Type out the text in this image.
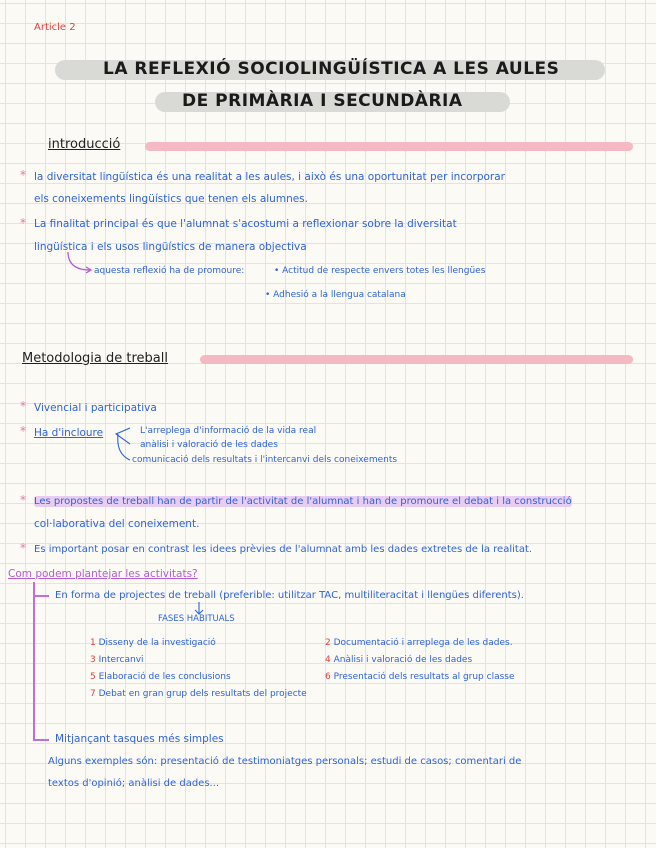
Article 2
LA REFLEXIÓ SOCIOLINGÜÍSTICA A LES AULES
DE PRIMÀRIA I SECUNDÀRIA
introducció
* la diversitat lingüística és una realitat a les aules, i això és una oportunitat per incorporar
els coneixements lingüístics que tenen els alumnes.
* La finalitat principal és que l'alumnat s'acostumi a reflexionar sobre la diversitat
lingüística i els usos lingüístics de manera objectiva
aquesta reflexió ha de promoure:	• Actitud de respecte envers totes les llengües
• Adhesió a la llengua catalana
Metodologia de treball
* Vivencial i participativa
* Ha d'incloure	L'arreplega d'informació de la vida real
anàlisi i valoració de les dades
comunicació dels resultats i l'intercanvi dels coneixements
* Les propostes de treball han de partir de l'activitat de l'alumnat i han de promoure el debat i la construcció
col·laborativa del coneixement.
* Es important posar en contrast les idees prèvies de l'alumnat amb les dades extretes de la realitat.
Com podem plantejar les activitats?
En forma de projectes de treball (preferible: utilitzar TAC, multiliteracitat i llengües diferents).
FASES HABITUALS
1 Disseny de la investigació	2 Documentació i arreplega de les dades.
3 Intercanvi	4 Anàlisi i valoració de les dades
5 Elaboració de les conclusions	6 Presentació dels resultats al grup classe
7 Debat en gran grup dels resultats del projecte
Mitjançant tasques més simples
Alguns exemples són: presentació de testimoniatges personals; estudi de casos; comentari de
textos d'opinió; anàlisi de dades...
